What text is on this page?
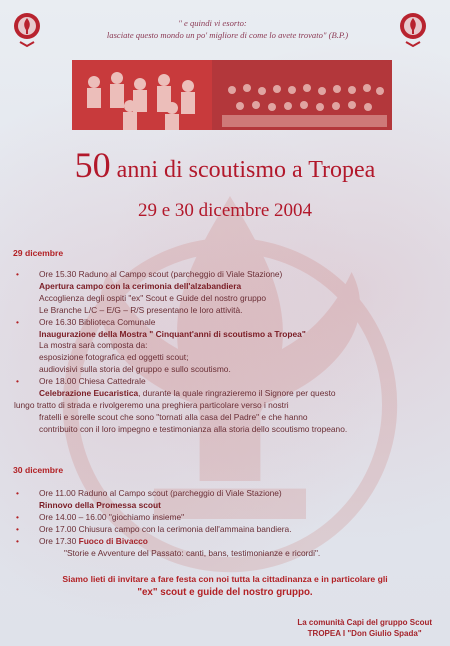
" e quindi vi esorto:
lasciate questo mondo un po' migliore di come lo avete trovato" (B.P.)
50 anni di scoutismo a Tropea
29 e 30 dicembre 2004
29 dicembre
• Ore 15.30 Raduno al Campo scout (parcheggio di Viale Stazione)
Apertura campo con la cerimonia dell'alzabandiera
Accoglienza degli ospiti "ex" Scout e Guide del nostro gruppo
Le Branche L/C – E/G – R/S presentano le loro attività.
• Ore 16.30 Biblioteca Comunale
Inaugurazione della Mostra " Cinquant'anni di scoutismo a Tropea"
La mostra sarà composta da:
esposizione fotografica ed oggetti scout;
audiovisivi sulla storia del gruppo e sullo scoutismo.
• Ore 18.00 Chiesa Cattedrale
Celebrazione Eucaristica, durante la quale ringrazieremo il Signore per questo
lungo tratto di strada e rivolgeremo una preghiera particolare verso i nostri
fratelli e sorelle scout che sono "tornati alla casa del Padre" e che hanno
contribuito con il loro impegno e testimonianza alla storia dello scoutismo tropeano.
30 dicembre
• Ore 11.00 Raduno al Campo scout (parcheggio di Viale Stazione)
Rinnovo della Promessa scout
• Ore 14.00 – 16.00 "giochiamo insieme"
• Ore 17.00 Chiusura campo con la cerimonia dell'ammaina bandiera.
• Ore 17.30 Fuoco di Bivacco
"Storie e Avventure del Passato: canti, bans, testimonianze e ricordi".
Siamo lieti di invitare a fare festa con noi tutta la cittadinanza e in particolare gli
"ex" scout e guide del nostro gruppo.
La comunità Capi del gruppo Scout
TROPEA I "Don Giulio Spada"
